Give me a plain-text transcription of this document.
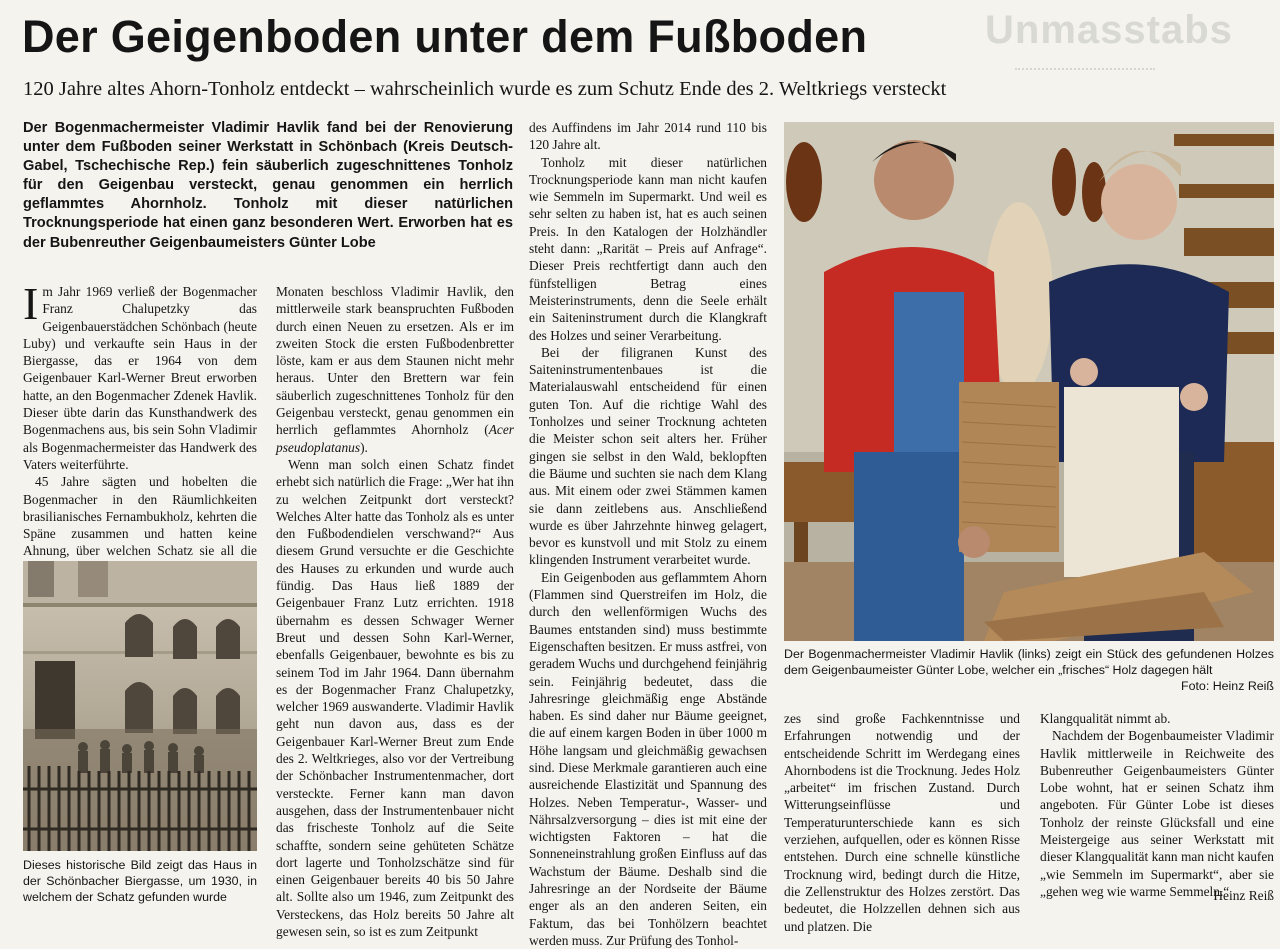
Unmasstabs
Der Geigenboden unter dem Fußboden
120 Jahre altes Ahorn-Tonholz entdeckt – wahrscheinlich wurde es zum Schutz Ende des 2. Weltkriegs versteckt
Der Bogenmachermeister Vladimir Havlik fand bei der Renovierung unter dem Fußboden seiner Werkstatt in Schönbach (Kreis Deutsch-Gabel, Tschechische Rep.) fein säuberlich zugeschnittenes Tonholz für den Geigenbau versteckt, genau genommen ein herrlich geflammtes Ahornholz. Tonholz mit dieser natürlichen Trocknungsperiode hat einen ganz besonderen Wert. Erworben hat es der Bubenreuther Geigenbaumeisters Günter Lobe

Im Jahr 1969 verließ der Bogenmacher Franz Chalupetzky das Geigenbauerstädchen Schönbach (heute Luby) und verkaufte sein Haus in der Biergasse, das er 1964 von dem Geigenbauer Karl-Werner Breut erworben hatte, an den Bogenmacher Zdenek Havlik. Dieser übte darin das Kunsthandwerk des Bogenmachens aus, bis sein Sohn Vladimir als Bogenmachermeister das Handwerk des Vaters weiterführte.

45 Jahre sägten und hobelten die Bogenmacher in den Räumlichkeiten brasilianisches Fernambukholz, kehrten die Späne zusammen und hatten keine Ahnung, über welchen Schatz sie all die

Dieses historische Bild zeigt das Haus in der Schönbacher Biergasse, um 1930, in welchem der Schatz gefunden wurde

Monaten beschloss Vladimir Havlik, den mittlerweile stark beanspruchten Fußboden durch einen Neuen zu ersetzen. Als er im zweiten Stock die ersten Fußbodenbretter löste, kam er aus dem Staunen nicht mehr heraus. Unter den Brettern war fein säuberlich zugeschnittenes Tonholz für den Geigenbau versteckt, genau genommen ein herrlich geflammtes Ahornholz (Acer pseudoplatanus).

Wenn man solch einen Schatz findet erhebt sich natürlich die Frage: „Wer hat ihn zu welchen Zeitpunkt dort versteckt? Welches Alter hatte das Tonholz als es unter den Fußbodendielen verschwand?“ Aus diesem Grund versuchte er die Geschichte des Hauses zu erkunden und wurde auch fündig. Das Haus ließ 1889 der Geigenbauer Franz Lutz errichten. 1918 übernahm es dessen Schwager Werner Breut und dessen Sohn Karl-Werner, ebenfalls Geigenbauer, bewohnte es bis zu seinem Tod im Jahr 1964. Dann übernahm es der Bogenmacher Franz Chalupetzky, welcher 1969 auswanderte. Vladimir Havlik geht nun davon aus, dass es der Geigenbauer Karl-Werner Breut zum Ende des 2. Weltkrieges, also vor der Vertreibung der Schönbacher Instrumentenmacher, dort versteckte. Ferner kann man davon ausgehen, dass der Instrumentenbauer nicht das frischeste Tonholz auf die Seite schaffte, sondern seine gehüteten Schätze dort lagerte und Tonholzschätze sind für einen Geigenbauer bereits 40 bis 50 Jahre alt. Sollte also um 1946, zum Zeitpunkt des Versteckens, das Holz bereits 50 Jahre alt gewesen sein, so ist es zum Zeitpunkt

des Auffindens im Jahr 2014 rund 110 bis 120 Jahre alt.

Tonholz mit dieser natürlichen Trocknungsperiode kann man nicht kaufen wie Semmeln im Supermarkt. Und weil es sehr selten zu haben ist, hat es auch seinen Preis. In den Katalogen der Holzhändler steht dann: „Rarität – Preis auf Anfrage“. Dieser Preis rechtfertigt dann auch den fünfstelligen Betrag eines Meisterinstruments, denn die Seele erhält ein Saiteninstrument durch die Klangkraft des Holzes und seiner Verarbeitung.

Bei der filigranen Kunst des Saiteninstrumentenbaues ist die Materialauswahl entscheidend für einen guten Ton. Auf die richtige Wahl des Tonholzes und seiner Trocknung achteten die Meister schon seit alters her. Früher gingen sie selbst in den Wald, beklopften die Bäume und suchten sie nach dem Klang aus. Mit einem oder zwei Stämmen kamen sie dann zeitlebens aus. Anschließend wurde es über Jahrzehnte hinweg gelagert, bevor es kunstvoll und mit Stolz zu einem klingenden Instrument verarbeitet wurde.

Ein Geigenboden aus geflammtem Ahorn (Flammen sind Querstreifen im Holz, die durch den wellenförmigen Wuchs des Baumes entstanden sind) muss bestimmte Eigenschaften besitzen. Er muss astfrei, von geradem Wuchs und durchgehend feinjährig sein. Feinjährig bedeutet, dass die Jahresringe gleichmäßig enge Abstände haben. Es sind daher nur Bäume geeignet, die auf einem kargen Boden in über 1000 m Höhe langsam und gleichmäßig gewachsen sind. Diese Merkmale garantieren auch eine ausreichende Elastizität und Spannung des Holzes. Neben Temperatur-, Wasser- und Nährsalzversorgung – dies ist mit eine der wichtigsten Faktoren – hat die Sonneneinstrahlung großen Einfluss auf das Wachstum der Bäume. Deshalb sind die Jahresringe an der Nordseite der Bäume enger als an den anderen Seiten, ein Faktum, das bei Tonhölzern beachtet werden muss. Zur Prüfung des Tonhol-

Der Bogenmachermeister Vladimir Havlik (links) zeigt ein Stück des gefundenen Holzes dem Geigenbaumeister Günter Lobe, welcher ein „frisches“ Holz dagegen hält
Foto: Heinz Reiß

zes sind große Fachkenntnisse und Erfahrungen notwendig und der entscheidende Schritt im Werdegang eines Ahornbodens ist die Trocknung. Jedes Holz „arbeitet“ im frischen Zustand. Durch Witterungseinflüsse und Temperaturunterschiede kann es sich verziehen, aufquellen, oder es können Risse entstehen. Durch eine schnelle künstliche Trocknung wird, bedingt durch die Hitze, die Zellenstruktur des Holzes zerstört. Das bedeutet, die Holzzellen dehnen sich aus und platzen. Die

Klangqualität nimmt ab.

Nachdem der Bogenbaumeister Vladimir Havlik mittlerweile in Reichweite des Bubenreuther Geigenbaumeisters Günter Lobe wohnt, hat er seinen Schatz ihm angeboten. Für Günter Lobe ist dieses Tonholz der reinste Glücksfall und eine Meistergeige aus seiner Werkstatt mit dieser Klangqualität kann man nicht kaufen „wie Semmeln im Supermarkt“, aber sie „gehen weg wie warme Semmeln.“

Heinz Reiß
